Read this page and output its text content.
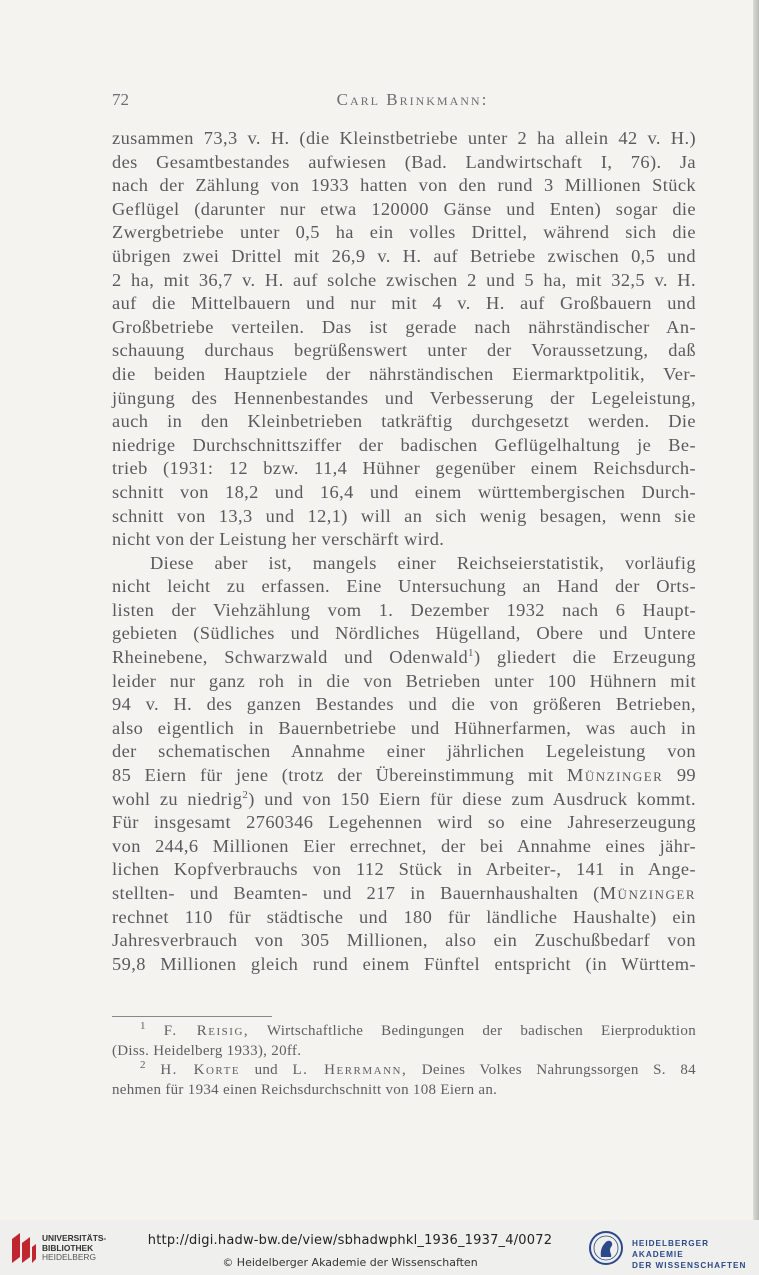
72	Carl Brinkmann:
zusammen 73,3 v. H. (die Kleinstbetriebe unter 2 ha allein 42 v. H.)
des Gesamtbestandes aufwiesen (Bad. Landwirtschaft I, 76). Ja
nach der Zählung von 1933 hatten von den rund 3 Millionen Stück
Geflügel (darunter nur etwa 120000 Gänse und Enten) sogar die
Zwergbetriebe unter 0,5 ha ein volles Drittel, während sich die
übrigen zwei Drittel mit 26,9 v. H. auf Betriebe zwischen 0,5 und
2 ha, mit 36,7 v. H. auf solche zwischen 2 und 5 ha, mit 32,5 v. H.
auf die Mittelbauern und nur mit 4 v. H. auf Großbauern und
Großbetriebe verteilen. Das ist gerade nach nährständischer An-
schauung durchaus begrüßenswert unter der Voraussetzung, daß
die beiden Hauptziele der nährständischen Eiermarktpolitik, Ver-
jüngung des Hennenbestandes und Verbesserung der Legeleistung,
auch in den Kleinbetrieben tatkräftig durchgesetzt werden. Die
niedrige Durchschnittsziffer der badischen Geflügelhaltung je Be-
trieb (1931: 12 bzw. 11,4 Hühner gegenüber einem Reichsdurch-
schnitt von 18,2 und 16,4 und einem württembergischen Durch-
schnitt von 13,3 und 12,1) will an sich wenig besagen, wenn sie
nicht von der Leistung her verschärft wird.
Diese aber ist, mangels einer Reichseierstatistik, vorläufig
nicht leicht zu erfassen. Eine Untersuchung an Hand der Orts-
listen der Viehzählung vom 1. Dezember 1932 nach 6 Haupt-
gebieten (Südliches und Nördliches Hügelland, Obere und Untere
Rheinebene, Schwarzwald und Odenwald$^1$) gliedert die Erzeugung
leider nur ganz roh in die von Betrieben unter 100 Hühnern mit
94 v. H. des ganzen Bestandes und die von größeren Betrieben,
also eigentlich in Bauernbetriebe und Hühnerfarmen, was auch in
der schematischen Annahme einer jährlichen Legeleistung von
85 Eiern für jene (trotz der Übereinstimmung mit Münzinger 99
wohl zu niedrig$^2$) und von 150 Eiern für diese zum Ausdruck kommt.
Für insgesamt 2760346 Legehennen wird so eine Jahreserzeugung
von 244,6 Millionen Eier errechnet, der bei Annahme eines jähr-
lichen Kopfverbrauchs von 112 Stück in Arbeiter-, 141 in Ange-
stellten- und Beamten- und 217 in Bauernhaushalten (Münzinger
rechnet 110 für städtische und 180 für ländliche Haushalte) ein
Jahresverbrauch von 305 Millionen, also ein Zuschußbedarf von
59,8 Millionen gleich rund einem Fünftel entspricht (in Württem-
$^1$ F. Reisig, Wirtschaftliche Bedingungen der badischen Eierproduktion
(Diss. Heidelberg 1933), 20ff.
$^2$ H. Korte und L. Herrmann, Deines Volkes Nahrungssorgen S. 84
nehmen für 1934 einen Reichsdurchschnitt von 108 Eiern an.
UNIVERSITÄTS-
BIBLIOTHEK
HEIDELBERG
http://digi.hadw-bw.de/view/sbhadwphkl_1936_1937_4/0072
© Heidelberger Akademie der Wissenschaften
HEIDELBERGER AKADEMIE
DER WISSENSCHAFTEN
